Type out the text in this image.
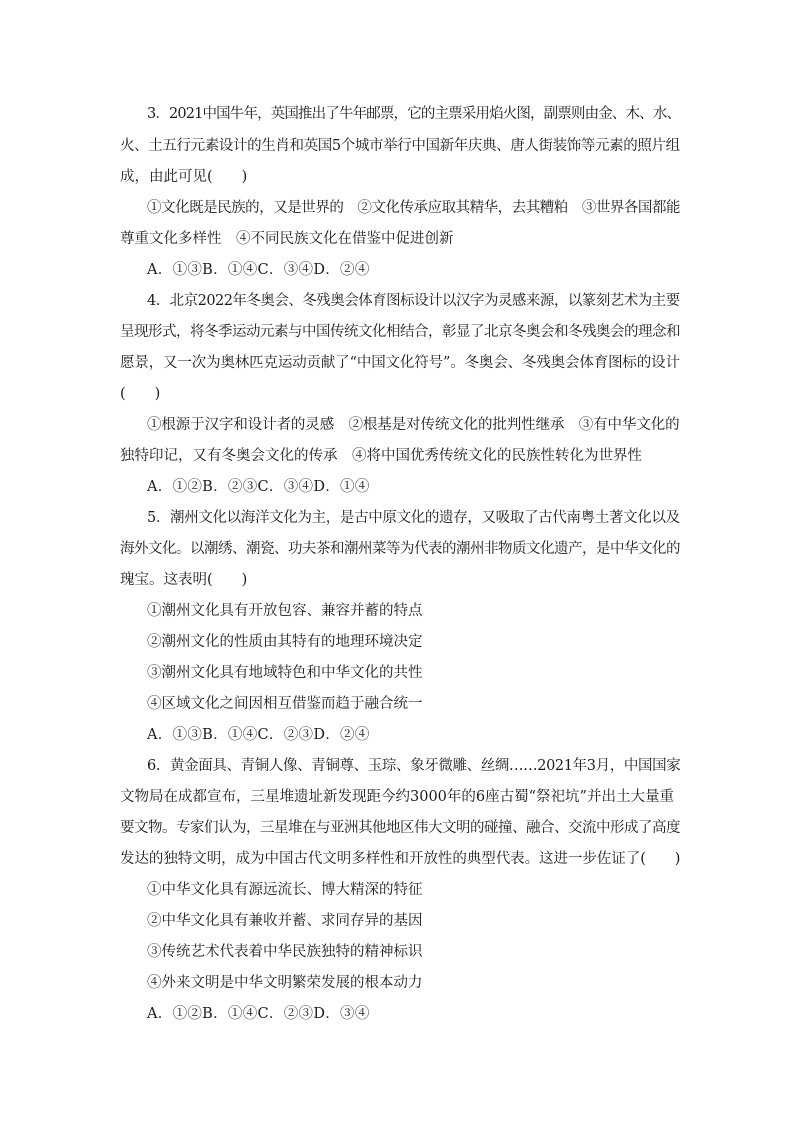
3．2021中国牛年，英国推出了牛年邮票，它的主票采用焰火图，副票则由金、木、水、
火、土五行元素设计的生肖和英国5个城市举行中国新年庆典、唐人街装饰等元素的照片组
成，由此可见(　　)
①文化既是民族的，又是世界的　②文化传承应取其精华，去其糟粕　③世界各国都能
尊重文化多样性　④不同民族文化在借鉴中促进创新
A．①③B．①④C．③④D．②④
4．北京2022年冬奥会、冬残奥会体育图标设计以汉字为灵感来源，以篆刻艺术为主要
呈现形式，将冬季运动元素与中国传统文化相结合，彰显了北京冬奥会和冬残奥会的理念和
愿景，又一次为奥林匹克运动贡献了“中国文化符号”。冬奥会、冬残奥会体育图标的设计
(　　)
①根源于汉字和设计者的灵感　②根基是对传统文化的批判性继承　③有中华文化的
独特印记，又有冬奥会文化的传承　④将中国优秀传统文化的民族性转化为世界性
A．①②B．②③C．③④D．①④
5．潮州文化以海洋文化为主，是古中原文化的遗存，又吸取了古代南粤土著文化以及
海外文化。以潮绣、潮瓷、功夫茶和潮州菜等为代表的潮州非物质文化遗产，是中华文化的
瑰宝。这表明(　　)
①潮州文化具有开放包容、兼容并蓄的特点
②潮州文化的性质由其特有的地理环境决定
③潮州文化具有地域特色和中华文化的共性
④区域文化之间因相互借鉴而趋于融合统一
A．①③B．①④C．②③D．②④
6．黄金面具、青铜人像、青铜尊、玉琮、象牙微雕、丝绸……2021年3月，中国国家
文物局在成都宣布，三星堆遗址新发现距今约3000年的6座古蜀“祭祀坑”并出土大量重
要文物。专家们认为，三星堆在与亚洲其他地区伟大文明的碰撞、融合、交流中形成了高度
发达的独特文明，成为中国古代文明多样性和开放性的典型代表。这进一步佐证了(　　)
①中华文化具有源远流长、博大精深的特征
②中华文化具有兼收并蓄、求同存异的基因
③传统艺术代表着中华民族独特的精神标识
④外来文明是中华文明繁荣发展的根本动力
A．①②B．①④C．②③D．③④
